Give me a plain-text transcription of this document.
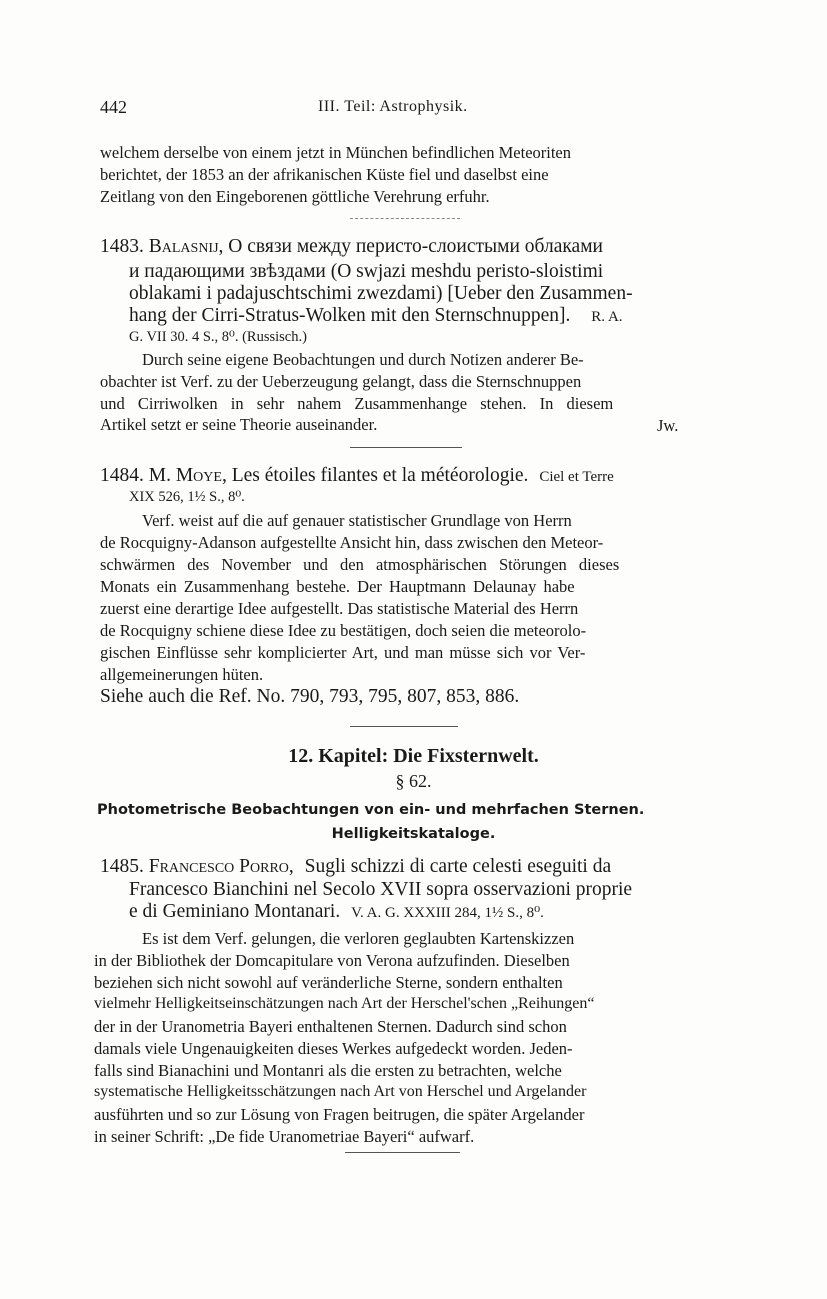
442	III. Teil: Astrophysik.
welchem derselbe von einem jetzt in München befindlichen Meteoriten
berichtet, der 1853 an der afrikanischen Küste fiel und daselbst eine
Zeitlang von den Eingeborenen göttliche Verehrung erfuhr.
1483. Balasnij, О связи между перисто-слоистыми облаками
и падающими звѣздами (O swjazi meshdu peristo-sloistimi
oblakami i padajuschtschimi zwezdami) [Ueber den Zusammen-
hang der Cirri-Stratus-Wolken mit den Sternschnuppen]. R. A.
G. VII 30. 4 S., 8⁰. (Russisch.)
Durch seine eigene Beobachtungen und durch Notizen anderer Be-
obachter ist Verf. zu der Ueberzeugung gelangt, dass die Sternschnuppen
und Cirriwolken in sehr nahem Zusammenhange stehen. In diesem
Artikel setzt er seine Theorie auseinander.	Jw.
1484. M. Moye, Les étoiles filantes et la météorologie. Ciel et Terre
XIX 526, 1½ S., 8⁰.
Verf. weist auf die auf genauer statistischer Grundlage von Herrn
de Rocquigny-Adanson aufgestellte Ansicht hin, dass zwischen den Meteor-
schwärmen des November und den atmosphärischen Störungen dieses
Monats ein Zusammenhang bestehe. Der Hauptmann Delaunay habe
zuerst eine derartige Idee aufgestellt. Das statistische Material des Herrn
de Rocquigny schiene diese Idee zu bestätigen, doch seien die meteorolo-
gischen Einflüsse sehr komplicierter Art, und man müsse sich vor Ver-
allgemeinerungen hüten.
Siehe auch die Ref. No. 790, 793, 795, 807, 853, 886.
12. Kapitel: Die Fixsternwelt.
§ 62.
Photometrische Beobachtungen von ein- und mehrfachen Sternen.
Helligkeitskataloge.
1485. Francesco Porro, Sugli schizzi di carte celesti eseguiti da
Francesco Bianchini nel Secolo XVII sopra osservazioni proprie
e di Geminiano Montanari. V. A. G. XXXIII 284, 1½ S., 8⁰.
Es ist dem Verf. gelungen, die verloren geglaubten Kartenskizzen
in der Bibliothek der Domcapitulare von Verona aufzufinden. Dieselben
beziehen sich nicht sowohl auf veränderliche Sterne, sondern enthalten
vielmehr Helligkeitseinschätzungen nach Art der Herschel'schen „Reihungen“
der in der Uranometria Bayeri enthaltenen Sternen. Dadurch sind schon
damals viele Ungenauigkeiten dieses Werkes aufgedeckt worden. Jeden-
falls sind Bianachini und Montanri als die ersten zu betrachten, welche
systematische Helligkeitsschätzungen nach Art von Herschel und Argelander
ausführten und so zur Lösung von Fragen beitrugen, die später Argelander
in seiner Schrift: „De fide Uranometriae Bayeri“ aufwarf.
